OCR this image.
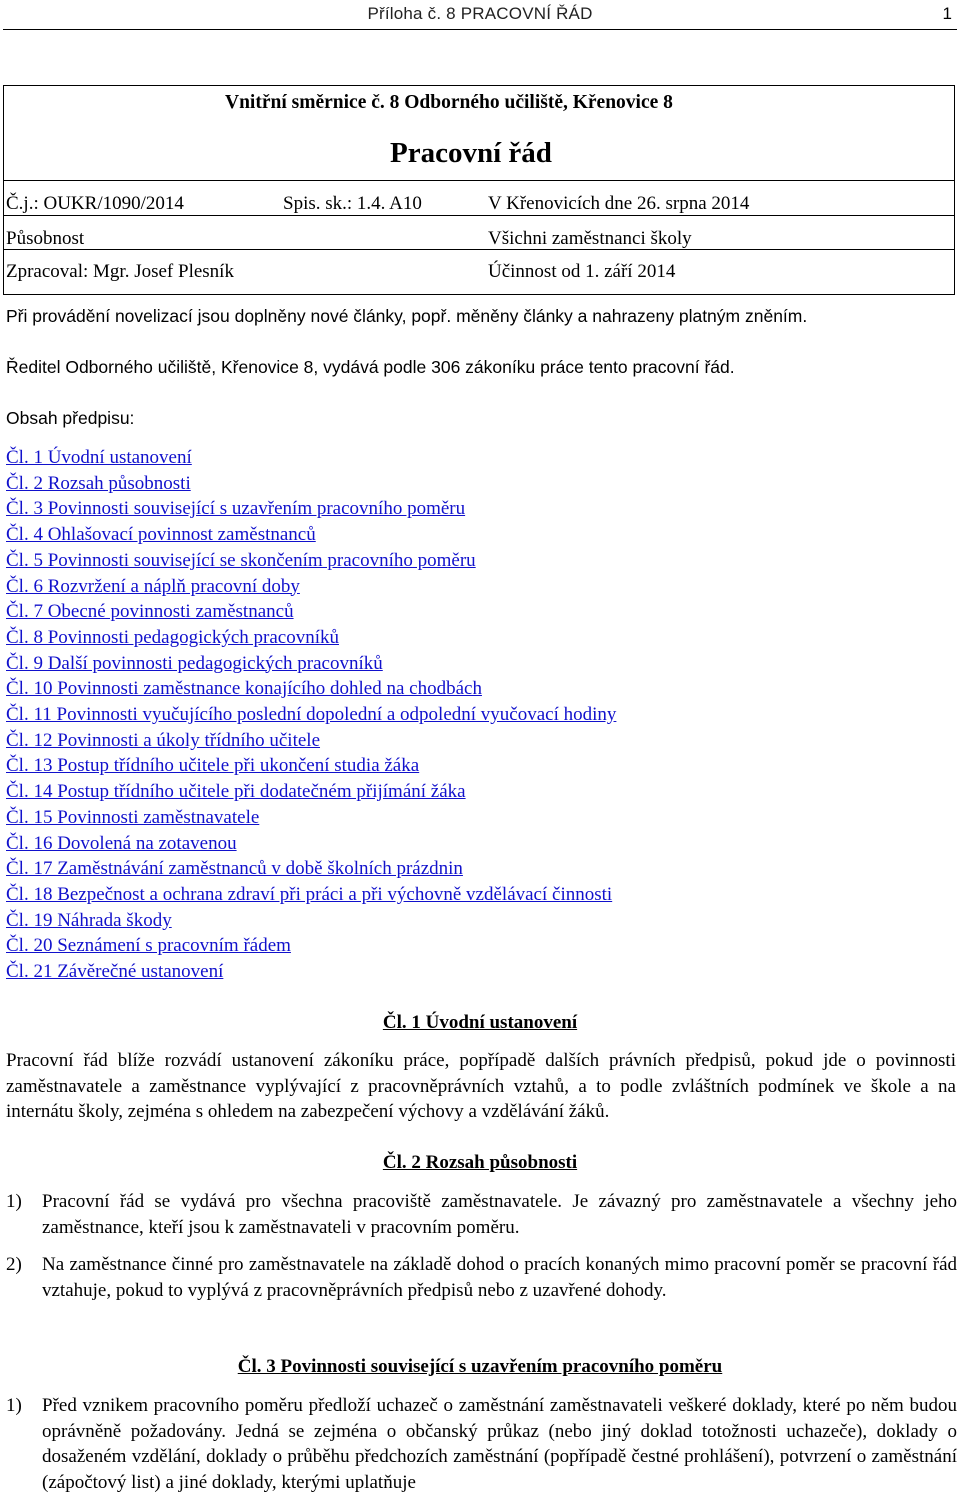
Příloha č. 8 PRACOVNÍ ŘÁD	1
Vnitřní směrnice č. 8 Odborného učiliště, Křenovice 8
Pracovní řád
Č.j.: OUKR/1090/2014	Spis. sk.: 1.4. A10	V Křenovicích dne 26. srpna 2014
Působnost	Všichni zaměstnanci školy
Zpracoval: Mgr. Josef Plesník	Účinnost od 1. září 2014
Při provádění novelizací jsou doplněny nové články, popř. měněny články a nahrazeny platným zněním.
Ředitel Odborného učiliště, Křenovice 8, vydává podle 306 zákoníku práce tento pracovní řád.
Obsah předpisu:
Čl. 1 Úvodní ustanovení
Čl. 2 Rozsah působnosti
Čl. 3 Povinnosti související s uzavřením pracovního poměru
Čl. 4 Ohlašovací povinnost zaměstnanců
Čl. 5 Povinnosti související se skončením pracovního poměru
Čl. 6 Rozvržení a náplň pracovní doby
Čl. 7 Obecné povinnosti zaměstnanců
Čl. 8 Povinnosti pedagogických pracovníků
Čl. 9 Další povinnosti pedagogických pracovníků
Čl. 10 Povinnosti zaměstnance konajícího dohled na chodbách
Čl. 11 Povinnosti vyučujícího poslední dopolední a odpolední vyučovací hodiny
Čl. 12 Povinnosti a úkoly třídního učitele
Čl. 13 Postup třídního učitele při ukončení studia žáka
Čl. 14 Postup třídního učitele při dodatečném přijímání žáka
Čl. 15 Povinnosti zaměstnavatele
Čl. 16 Dovolená na zotavenou
Čl. 17 Zaměstnávání zaměstnanců v době školních prázdnin
Čl. 18 Bezpečnost a ochrana zdraví při práci a při výchovně vzdělávací činnosti
Čl. 19 Náhrada škody
Čl. 20 Seznámení s pracovním řádem
Čl. 21 Závěrečné ustanovení
Čl. 1 Úvodní ustanovení
Pracovní řád blíže rozvádí ustanovení zákoníku práce, popřípadě dalších právních předpisů, pokud jde o povinnosti zaměstnavatele a zaměstnance vyplývající z pracovněprávních vztahů, a to podle zvláštních podmínek ve škole a na internátu školy, zejména s ohledem na zabezpečení výchovy a vzdělávání žáků.
Čl. 2 Rozsah působnosti
1) Pracovní řád se vydává pro všechna pracoviště zaměstnavatele. Je závazný pro zaměstnavatele a všechny jeho zaměstnance, kteří jsou k zaměstnavateli v pracovním poměru.
2) Na zaměstnance činné pro zaměstnavatele na základě dohod o pracích konaných mimo pracovní poměr se pracovní řád vztahuje, pokud to vyplývá z pracovněprávních předpisů nebo z uzavřené dohody.
Čl. 3 Povinnosti související s uzavřením pracovního poměru
1) Před vznikem pracovního poměru předloží uchazeč o zaměstnání zaměstnavateli veškeré doklady, které po něm budou oprávněně požadovány. Jedná se zejména o občanský průkaz (nebo jiný doklad totožnosti uchazeče), doklady o dosaženém vzdělání, doklady o průběhu předchozích zaměstnání (popřípadě čestné prohlášení), potvrzení o zaměstnání (zápočtový list) a jiné doklady, kterými uplatňuje
